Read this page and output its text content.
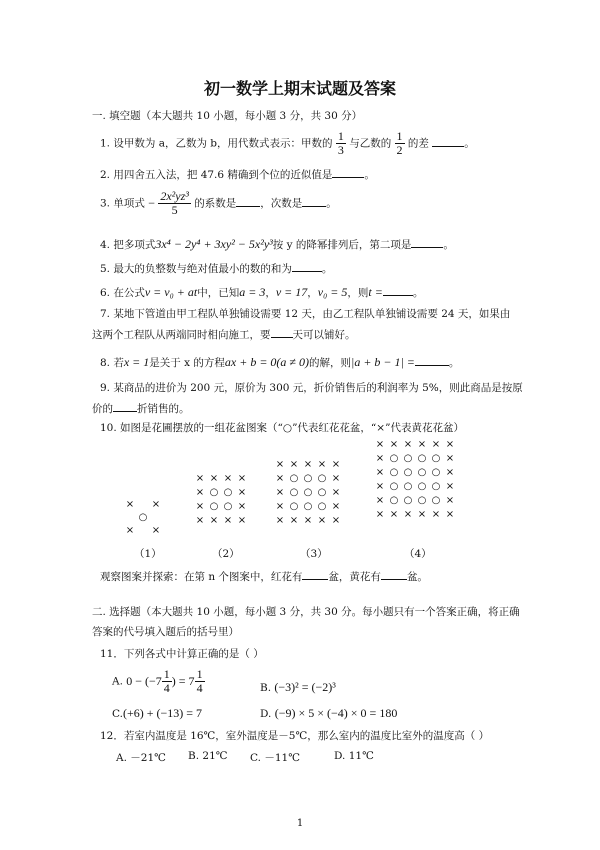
初一数学上期末试题及答案
一. 填空题（本大题共 10 小题，每小题 3 分，共 30 分）
1. 设甲数为 a，乙数为 b，用代数式表示：甲数的 $\frac{1}{3}$ 与乙数的 $\frac{1}{2}$ 的差	。
2. 用四舍五入法，把 47.6 精确到个位的近似值是	。
3. 单项式 − $\frac{\text{2x²yz³}}{5}$ 的系数是 ，次数是 。
4. 把多项式3x⁴ − 2y⁴ + 3xy² − 5x²y³按 y 的降幂排列后，第二项是	。
5. 最大的负整数与绝对值最小的数的和为	。
6. 在公式v = v₀ + at中，已知a = 3，v = 17，v₀ = 5，则t =	。
7. 某地下管道由甲工程队单独铺设需要 12 天，由乙工程队单独铺设需要 24 天，如果由
这两个工程队从两端同时相向施工，要 天可以铺好。
8. 若x = 1是关于 x 的方程ax + b = 0(a ≠ 0)的解，则|a + b − 1| =	。
9. 某商品的进价为 200 元，原价为 300 元，折价销售后的利润率为 5%，则此商品是按原
价的 折销售的。
10. 如图是花圃摆放的一组花盆图案（“○”代表红花花盆，“×”代表黄花花盆）
× ×
○
× ×
× × × ×
× ○ ○ ×
× ○ ○ ×
× × × ×
× × × × ×
× ○ ○ ○ ×
× ○ ○ ○ ×
× ○ ○ ○ ×
× × × × ×
× × × × × ×
× ○ ○ ○ ○ ×
× ○ ○ ○ ○ ×
× ○ ○ ○ ○ ×
× ○ ○ ○ ○ ×
× × × × × ×
（1）	（2）	（3）	（4）
观察图案并探索：在第 n 个图案中，红花有 盆，黄花有 盆。
二. 选择题（本大题共 10 小题，每小题 3 分，共 30 分。每小题只有一个答案正确，将正确
答案的代号填入题后的括号里）
11．下列各式中计算正确的是（ ）
A. $0 - (-7 \frac{1}{4}$ ) = $7 \frac{1}{4}$	B. (−3)² = (−2)³
C.(+6) + (−13) = 7	D. (−9) × 5 × (−4) × 0 = 180
12．若室内温度是 16℃，室外温度是－5℃，那么室内的温度比室外的温度高（ ）
A. －21℃ B. 21℃ C. －11℃	D. 11℃
1
